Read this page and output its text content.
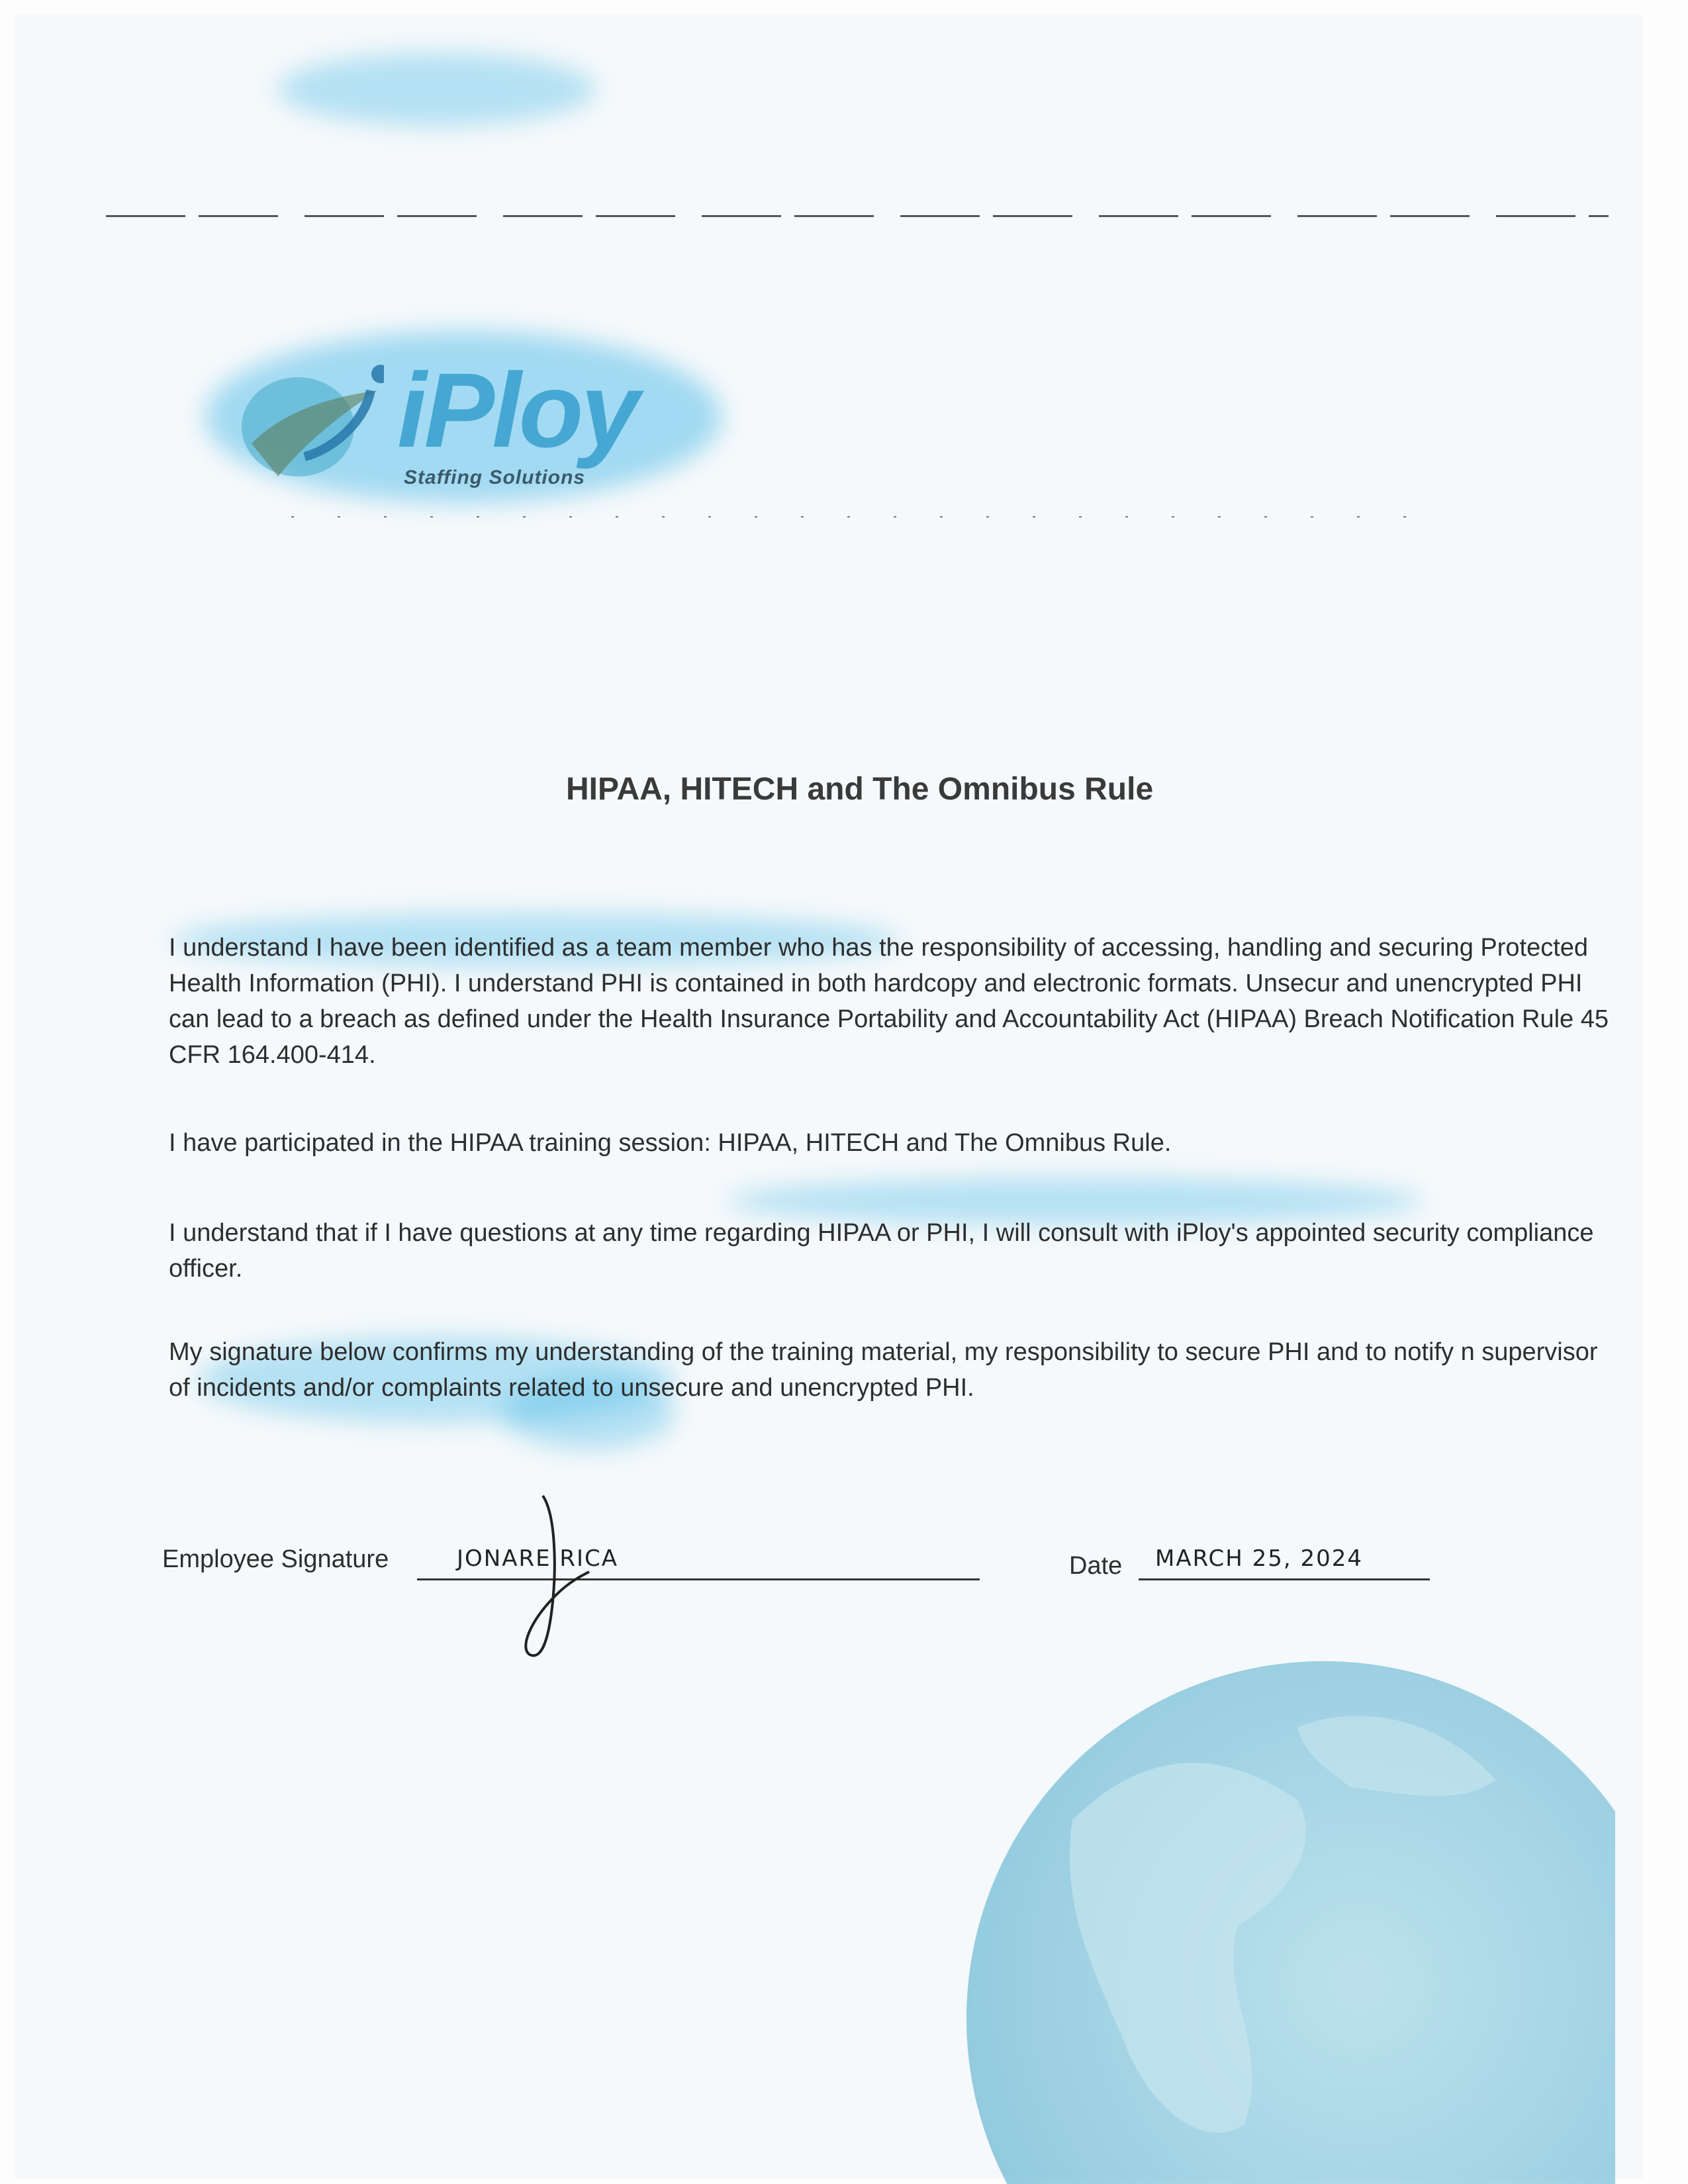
iPloy
Staffing Solutions
HIPAA, HITECH and The Omnibus Rule
I understand I have been identified as a team member who has the responsibility of accessing, handling and securing Protected Health Information (PHI). I understand PHI is contained in both hardcopy and electronic formats. Unsecur and unencrypted PHI can lead to a breach as defined under the Health Insurance Portability and Accountability Act (HIPAA) Breach Notification Rule 45 CFR 164.400-414.
I have participated in the HIPAA training session: HIPAA, HITECH and The Omnibus Rule.
I understand that if I have questions at any time regarding HIPAA or PHI, I will consult with iPloy's appointed security compliance officer.
My signature below confirms my understanding of the training material, my responsibility to secure PHI and to notify n supervisor of incidents and/or complaints related to unsecure and unencrypted PHI.
Employee Signature	JONARE RICA	Date MARCH 25, 2024
